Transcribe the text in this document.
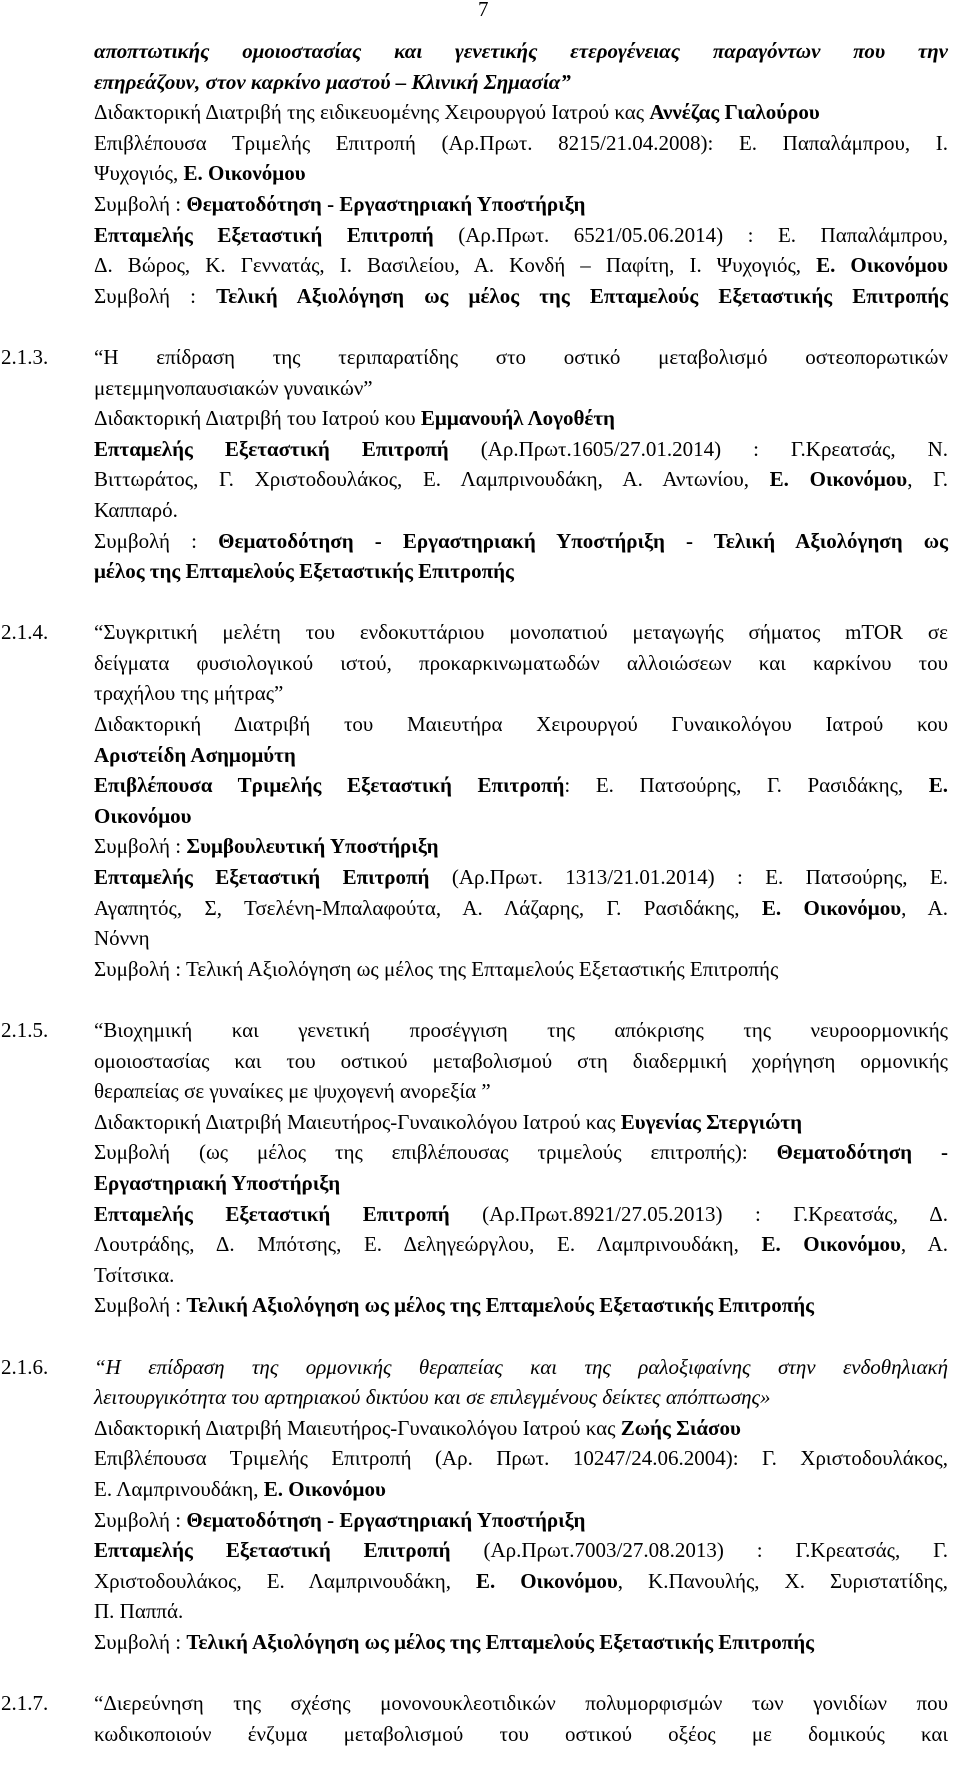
7
αποπτωτικής ομοιοστασίας και γενετικής ετερογένειας παραγόντων που την
επηρεάζουν, στον καρκίνο μαστού – Κλινική Σημασία”
Διδακτορική Διατριβή της ειδικευομένης Χειρουργού Ιατρού κας Αννέζας Γιαλούρου
Επιβλέπουσα Τριμελής Επιτροπή (Αρ.Πρωτ. 8215/21.04.2008): Ε. Παπαλάμπρου, Ι.
Ψυχογιός, Ε. Οικονόμου
Συμβολή : Θεματοδότηση - Εργαστηριακή Υποστήριξη
Επταμελής Εξεταστική Επιτροπή (Αρ.Πρωτ. 6521/05.06.2014) : Ε. Παπαλάμπρου,
Δ. Βώρος, Κ. Γεννατάς, Ι. Βασιλείου, Α. Κονδή – Παφίτη, Ι. Ψυχογιός, Ε. Οικονόμου
Συμβολή : Τελική Αξιολόγηση ως μέλος της Επταμελούς Εξεταστικής Επιτροπής
2.1.3.	“Η επίδραση της τεριπαρατίδης στο οστικό μεταβολισμό οστεοπορωτικών
μετεμμηνοπαυσιακών γυναικών”
Διδακτορική Διατριβή του Ιατρού κου Εμμανουήλ Λογοθέτη
Επταμελής Εξεταστική Επιτροπή (Αρ.Πρωτ.1605/27.01.2014) : Γ.Κρεατσάς, Ν.
Βιττωράτος, Γ. Χριστοδουλάκος, Ε. Λαμπρινουδάκη, Α. Αντωνίου, Ε. Οικονόμου, Γ.
Καππαρό.
Συμβολή : Θεματοδότηση - Εργαστηριακή Υποστήριξη - Τελική Αξιολόγηση ως
μέλος της Επταμελούς Εξεταστικής Επιτροπής
2.1.4.	“Συγκριτική μελέτη του ενδοκυττάριου μονοπατιού μεταγωγής σήματος mTOR σε
δείγματα φυσιολογικού ιστού, προκαρκινωματωδών αλλοιώσεων και καρκίνου του
τραχήλου της μήτρας”
Διδακτορική Διατριβή του Μαιευτήρα Χειρουργού Γυναικολόγου Ιατρού κου
Αριστείδη Ασημομύτη
Επιβλέπουσα Τριμελής Εξεταστική Επιτροπή: Ε. Πατσούρης, Γ. Ρασιδάκης, Ε.
Οικονόμου
Συμβολή : Συμβουλευτική Υποστήριξη
Επταμελής Εξεταστική Επιτροπή (Αρ.Πρωτ. 1313/21.01.2014) : Ε. Πατσούρης, Ε.
Αγαπητός, Σ, Τσελένη-Μπαλαφούτα, Α. Λάζαρης, Γ. Ρασιδάκης, Ε. Οικονόμου, Α.
Νόννη
Συμβολή : Τελική Αξιολόγηση ως μέλος της Επταμελούς Εξεταστικής Επιτροπής
2.1.5.	“Βιοχημική και γενετική προσέγγιση της απόκρισης της νευροορμονικής
ομοιοστασίας και του οστικού μεταβολισμού στη διαδερμική χορήγηση ορμονικής
θεραπείας σε γυναίκες με ψυχογενή ανορεξία ”
Διδακτορική Διατριβή Μαιευτήρος-Γυναικολόγου Ιατρού κας Ευγενίας Στεργιώτη
Συμβολή (ως μέλος της επιβλέπουσας τριμελούς επιτροπής): Θεματοδότηση -
Εργαστηριακή Υποστήριξη
Επταμελής Εξεταστική Επιτροπή (Αρ.Πρωτ.8921/27.05.2013) : Γ.Κρεατσάς, Δ.
Λουτράδης, Δ. Μπότσης, Ε. Δεληγεώργλου, Ε. Λαμπρινουδάκη, Ε. Οικονόμου, Α.
Τσίτσικα.
Συμβολή : Τελική Αξιολόγηση ως μέλος της Επταμελούς Εξεταστικής Επιτροπής
2.1.6.	“Η επίδραση της ορμονικής θεραπείας και της ραλοξιφαίνης στην ενδοθηλιακή
λειτουργικότητα του αρτηριακού δικτύου και σε επιλεγμένους δείκτες απόπτωσης»
Διδακτορική Διατριβή Μαιευτήρος-Γυναικολόγου Ιατρού κας Ζωής Σιάσου
Επιβλέπουσα Τριμελής Επιτροπή (Αρ. Πρωτ. 10247/24.06.2004): Γ. Χριστοδουλάκος,
Ε. Λαμπρινουδάκη, Ε. Οικονόμου
Συμβολή : Θεματοδότηση - Εργαστηριακή Υποστήριξη
Επταμελής Εξεταστική Επιτροπή (Αρ.Πρωτ.7003/27.08.2013) : Γ.Κρεατσάς, Γ.
Χριστοδουλάκος, Ε. Λαμπρινουδάκη, Ε. Οικονόμου, Κ.Πανουλής, Χ. Συριστατίδης,
Π. Παππά.
Συμβολή : Τελική Αξιολόγηση ως μέλος της Επταμελούς Εξεταστικής Επιτροπής
2.1.7.	“Διερεύνηση της σχέσης μονονουκλεοτιδικών πολυμορφισμών των γονιδίων που
κωδικοποιούν ένζυμα μεταβολισμού του οστικού οξέος με δομικούς και
